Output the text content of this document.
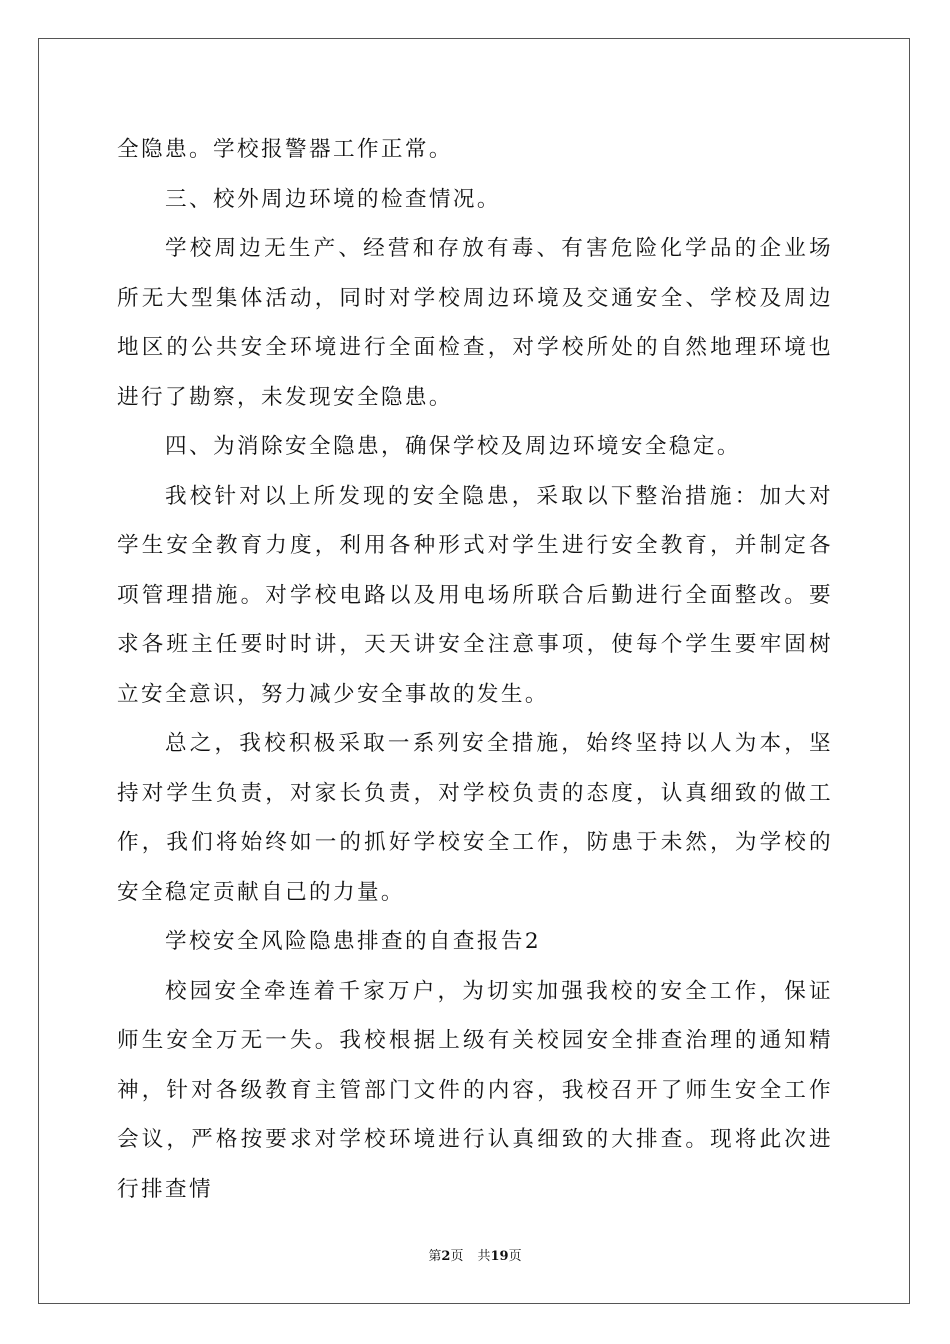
全隐患。学校报警器工作正常。

三、校外周边环境的检查情况。

学校周边无生产、经营和存放有毒、有害危险化学品的企业场所无大型集体活动，同时对学校周边环境及交通安全、学校及周边地区的公共安全环境进行全面检查，对学校所处的自然地理环境也进行了勘察，未发现安全隐患。

四、为消除安全隐患，确保学校及周边环境安全稳定。

我校针对以上所发现的安全隐患，采取以下整治措施：加大对学生安全教育力度，利用各种形式对学生进行安全教育，并制定各项管理措施。对学校电路以及用电场所联合后勤进行全面整改。要求各班主任要时时讲，天天讲安全注意事项，使每个学生要牢固树立安全意识，努力减少安全事故的发生。

总之，我校积极采取一系列安全措施，始终坚持以人为本，坚持对学生负责，对家长负责，对学校负责的态度，认真细致的做工作，我们将始终如一的抓好学校安全工作，防患于未然，为学校的安全稳定贡献自己的力量。

学校安全风险隐患排查的自查报告2

校园安全牵连着千家万户，为切实加强我校的安全工作，保证师生安全万无一失。我校根据上级有关校园安全排查治理的通知精神，针对各级教育主管部门文件的内容，我校召开了师生安全工作会议，严格按要求对学校环境进行认真细致的大排查。现将此次进行排查情

第2页 共19页
